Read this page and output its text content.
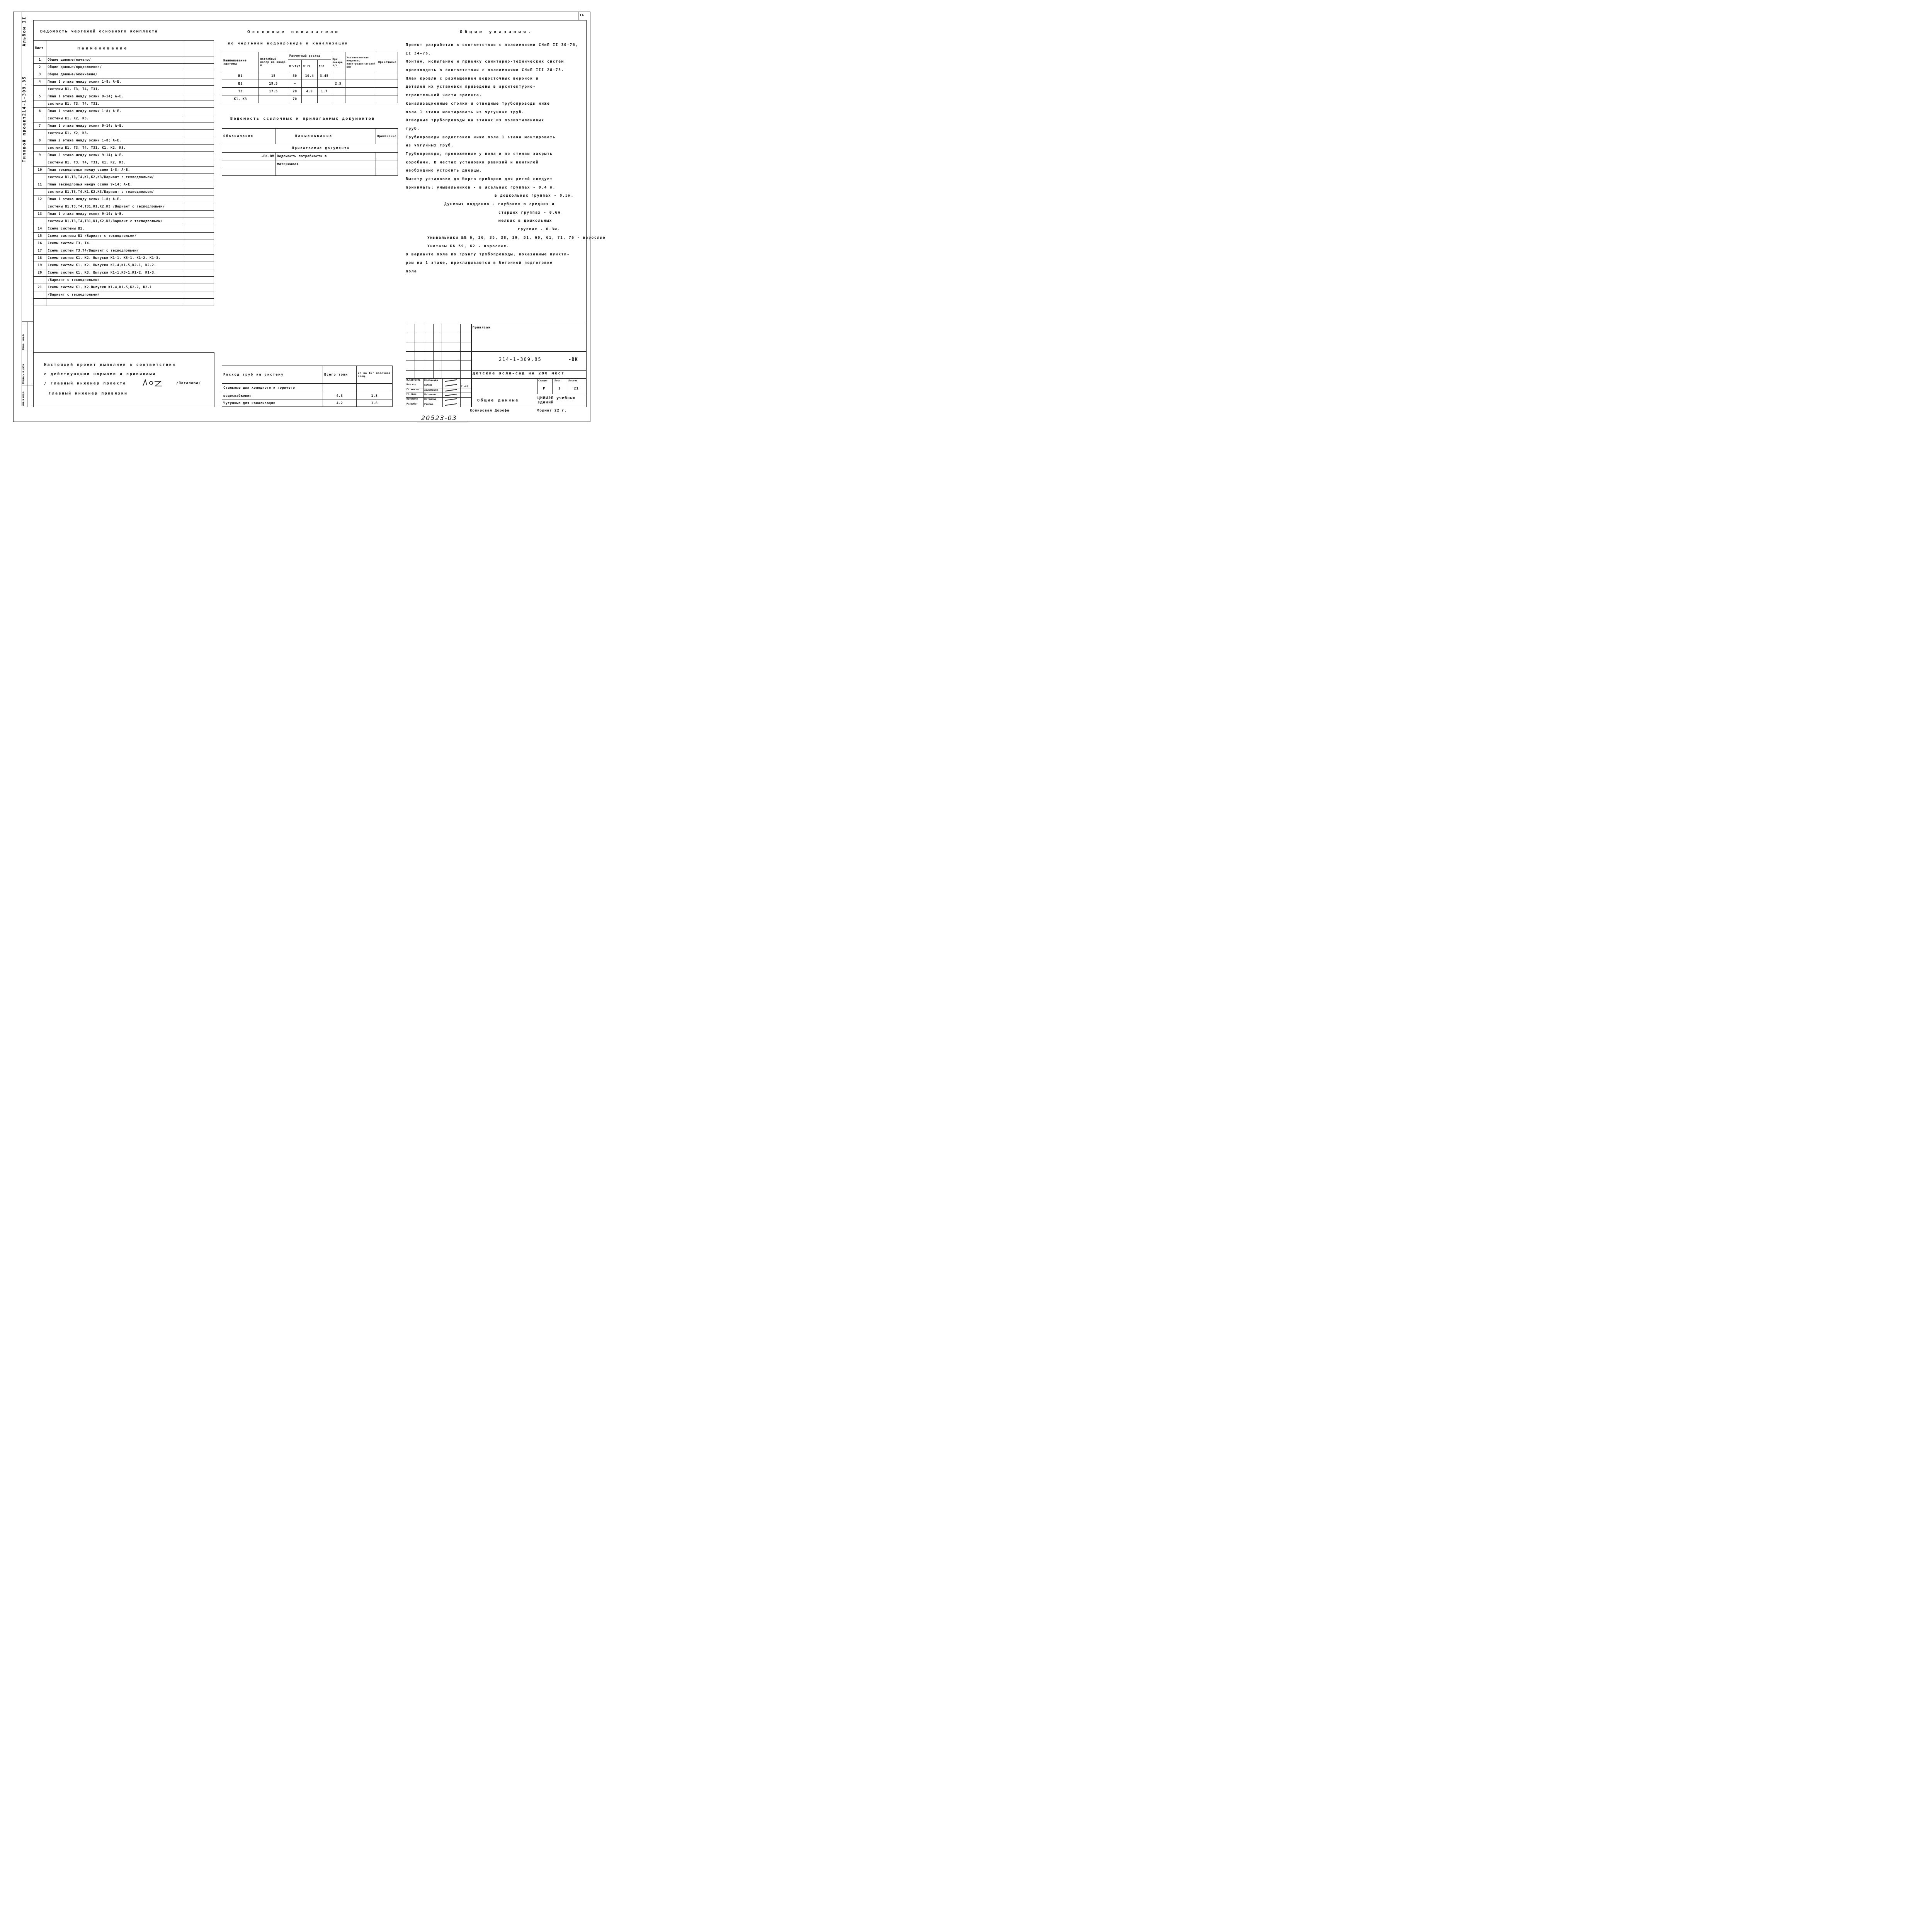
16
Альбом II
214-1-309.85
Типовой проект
Инв.№ подл.
Подпись и дата
Взам. инв.№
Ведомость чертежей основного комплекта
Лист	Наименование	
1	Общие данные/начало/	
2	Общие данные/продолжение/	
3	Общие данные/окончание/	
4	План 1 этажа между осями 1-8; А-Е.	
	системы В1, Т3, Т4, Т31.	
5	План 1 этажа между осями 9-14; А-Е.	
	системы В1, Т3, Т4, Т31.	
6	План 1 этажа между осями 1-8; А-Е.	
	системы К1, К2, К3.	
7	План 1 этажа между осями 9-14; А-Е.	
	системы К1, К2, К3.	
8	План 2 этажа между осями 1-8; А-Е.	
	системы В1, Т3, Т4, Т31, К1, К2, К3.	
9	План 2 этажа между осями 9-14; А-Е.	
	системы В1, Т3, Т4, Т31, К1, К2, К3.	
10	План техподполья между осями 1-8; А-Е.	
	системы В1,Т3,Т4,К1,К2,К3/Вариант с техподпольем/	
11	План техподполья между осями 9-14; А-Е.	
	системы В1,Т3,Т4,К1,К2,К3/Вариант с техподпольем/	
12	План 1 этажа между осями 1-8; А-Е.	
	системы В1,Т3,Т4,Т31,К1,К2,К3 /Вариант с техподпольем/	
13	План 1 этажа между осями 9-14; А-Е.	
	системы В1,Т3,Т4,Т31,К1,К2,К3/Вариант с техподпольем/	
14	Схема системы В1.	
15	Схема системы В1 /Вариант с техподпольем/	
16	Схемы систем Т3, Т4.	
17	Схемы систем Т3,Т4/Вариант с техподпольем/	
18	Схемы систем К1, К2. Выпуски К1-1, К3-1, К1-2, К1-3.	
19	Схемы систем К1, К2. Выпуски К1-4,К1-5,К2-1, К2-2.	
20	Схемы систем К1, К3. Выпуски К1-1,К3-1,К1-2, К1-3.	
	/Вариант с техподпольем/	
21	Схемы систем К1, К2.Выпуски К1-4,К1-5,К2-2, К2-1	
	/Вариант с техподпольем/	

Основные показатели
по чертежам водопровода и канализации
Наименование системы	Потребный напор на вводе м	Расчетный расход			При пожаре л/с	Установленная мощность электродвигателей кВт	Примечание
		м³/сут	м³/ч	л/с			
В1	15	50	10.4	3.45			
В1	19.5	–			2.5		
Т3	17.5	20	4.9	1.7			
К1, К3		70					
Ведомость ссылочных и прилагаемых документов
Обозначение	Наименование	Примечание
Прилагаемые документы		
-ВК.ВМ	Ведомость потребности в	
	материалах	

Общие указания.
Проект разработан в соответствии с положениями СНиП II 30-76,
II 34-76.
Монтаж, испытание и приемку санитарно-технических систем
производить в соответствии с положениями СНиП III 28-75.
План кровли с размещением водосточных воронок и
деталей их установки приведены в архитектурно-
строительной части проекта.
Канализационные стояки и отводные трубопроводы ниже
пола 1 этажа монтировать из чугунных труб.
Отводные трубопроводы на этажах из полиэтиленовых
труб.
Трубопроводы водостоков ниже пола 1 этажа монтировать
из чугунных труб.
Трубопроводы, проложенные у пола и по стенам закрыть
коробами. В местах установки ревизий и вентилей
необходимо устроить дверцы.
Высоту установки до борта приборов для детей следует
принимать: умывальников - в ясельных группах - 0.4 м.
в дошкольных группах - 0.5м.
Душевых поддонов - глубоких в средних и
старших группах - 0.6м
мелких в дошкольных
группах - 0.3м.
Умывальники №№ 6, 26, 35, 38, 39, 51, 60, 61, 71, 76 - взрослые
Унитазы №№ 59, 62 - взрослые.
В варианте пола по грунту трубопроводы, показанные пункти-
ром на 1 этаже, прокладываются в бетонной подготовке
пола
Настоящий проект выполнен в соответствии
с действующими нормами и правилами
/ Главный инженер проекта	/Потапова/
Главный инженер привязки
Расход труб на систему	Всего тонн	кг на 1м² полезной площ.
Стальные для холодного и горячего		
водоснабжения	4.3	1.8
Чугунные для канализации	4.2	1.8
Привязан
214-1-309.85	-ВК
Детские ясли-сад на 280 мест
Стадия	Лист	Листов
Р	1	21
Общие данные
ЦНИИЭП учебных зданий
Н.контроль Колганова
Нач.отд.	Бабин
Гл.инж.от Хелемский
Гл.спец.	Потапова
Проверил	Потапова
Разработ	Ракова
11-85
Копировал Дорофа	Формат 22 г.
20523-03
